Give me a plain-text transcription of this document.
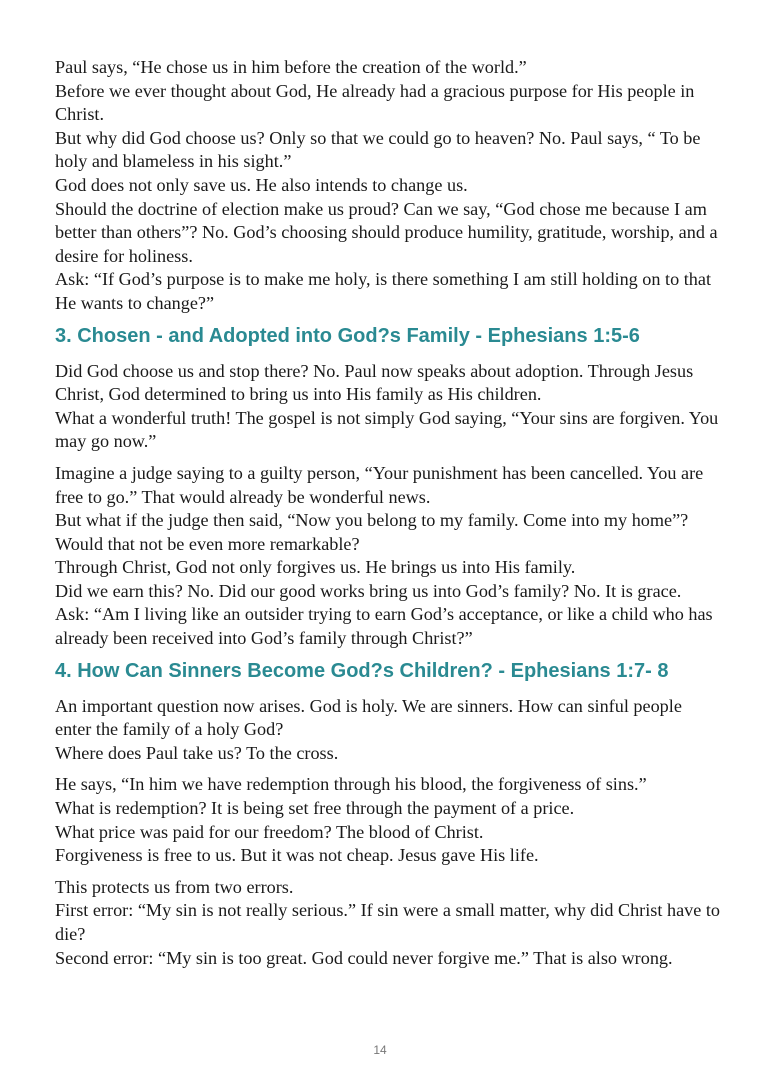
Paul says, “He chose us in him before the creation of the world.”

Before we ever thought about God, He already had a gracious purpose for His people in Christ.

But why did God choose us? Only so that we could go to heaven? No. Paul says, “ To be holy and blameless in his sight.”

God does not only save us. He also intends to change us.

Should the doctrine of election make us proud? Can we say, “God chose me because I am better than others”? No. God’s choosing should produce humility, gratitude, worship, and a desire for holiness.

Ask: “If God’s purpose is to make me holy, is there something I am still holding on to that He wants to change?”

3. Chosen - and Adopted into God?s Family - Ephesians 1:5-6

Did God choose us and stop there? No. Paul now speaks about adoption. Through Jesus Christ, God determined to bring us into His family as His children.

What a wonderful truth! The gospel is not simply God saying, “Your sins are forgiven. You may go now.”

Imagine a judge saying to a guilty person, “Your punishment has been cancelled. You are free to go.” That would already be wonderful news.

But what if the judge then said, “Now you belong to my family. Come into my home”? Would that not be even more remarkable?

Through Christ, God not only forgives us. He brings us into His family.

Did we earn this? No. Did our good works bring us into God’s family? No. It is grace.

Ask: “Am I living like an outsider trying to earn God’s acceptance, or like a child who has already been received into God’s family through Christ?”

4. How Can Sinners Become God?s Children? - Ephesians 1:7- 8

An important question now arises. God is holy. We are sinners. How can sinful people enter the family of a holy God?

Where does Paul take us? To the cross.

He says, “In him we have redemption through his blood, the forgiveness of sins.”

What is redemption? It is being set free through the payment of a price.

What price was paid for our freedom? The blood of Christ.

Forgiveness is free to us. But it was not cheap. Jesus gave His life.

This protects us from two errors.

First error: “My sin is not really serious.” If sin were a small matter, why did Christ have to die?

Second error: “My sin is too great. God could never forgive me.” That is also wrong.

14
